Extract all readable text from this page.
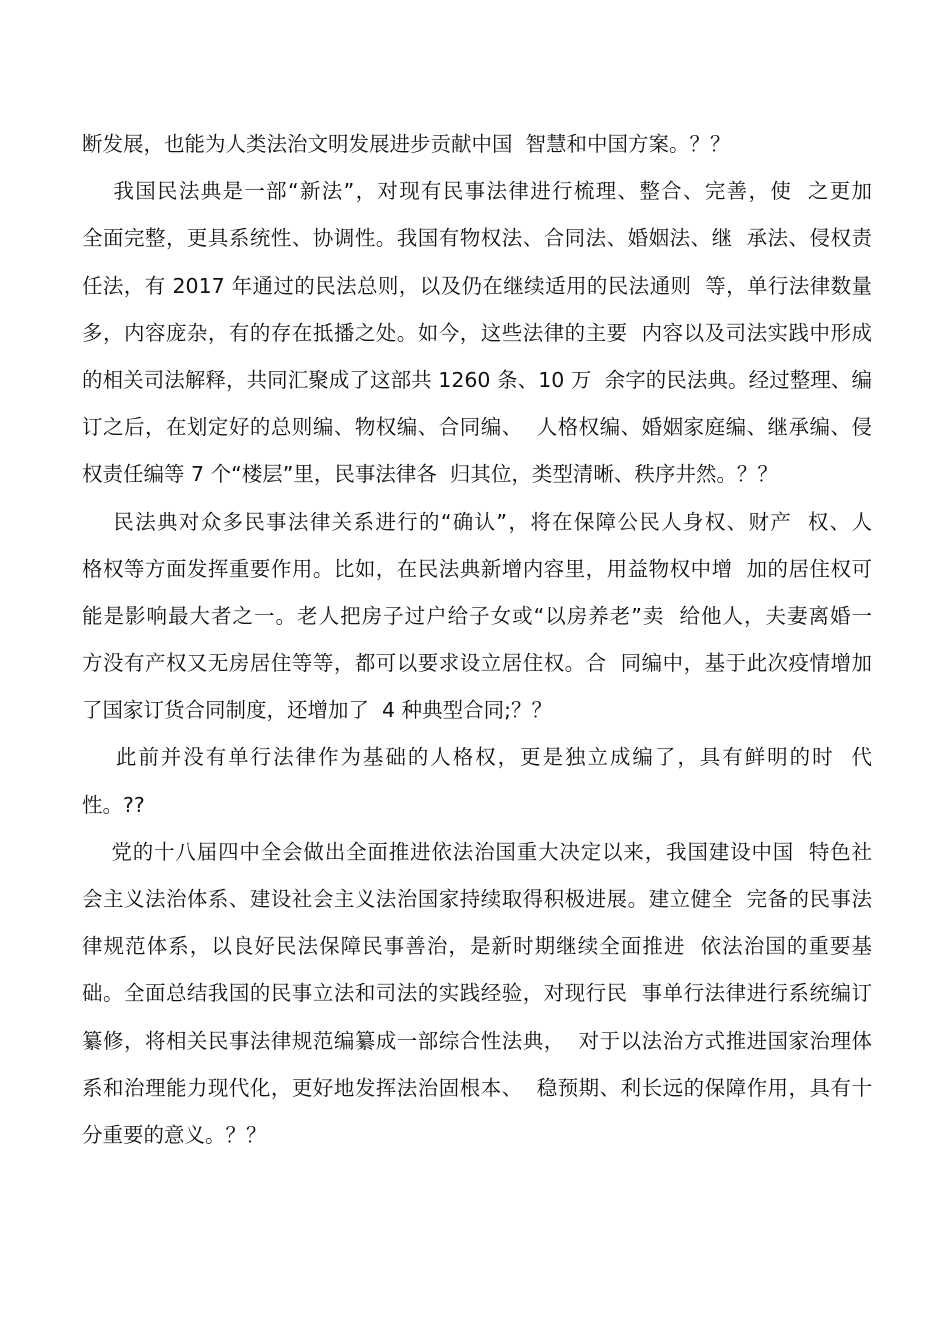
断发展，也能为人类法治文明发展进步贡献中国  智慧和中国方案。？？
我国民法典是一部“新法”，对现有民事法律进行梳理、整合、完善，使  之更加
全面完整，更具系统性、协调性。我国有物权法、合同法、婚姻法、继  承法、侵权责
任法，有 2017 年通过的民法总则，以及仍在继续适用的民法通则  等，单行法律数量
多，内容庞杂，有的存在抵播之处。如今，这些法律的主要  内容以及司法实践中形成
的相关司法解释，共同汇聚成了这部共 1260 条、10 万  余字的民法典。经过整理、编
订之后，在划定好的总则编、物权编、合同编、  人格权编、婚姻家庭编、继承编、侵
权责任编等 7 个“楼层”里，民事法律各  归其位，类型清晰、秩序井然。？？
民法典对众多民事法律关系进行的“确认”，将在保障公民人身权、财产  权、人
格权等方面发挥重要作用。比如，在民法典新增内容里，用益物权中增  加的居住权可
能是影响最大者之一。老人把房子过户给子女或“以房养老”卖  给他人，夫妻离婚一
方没有产权又无房居住等等，都可以要求设立居住权。合  同编中，基于此次疫情增加
了国家订货合同制度，还增加了  4 种典型合同;？？
此前并没有单行法律作为基础的人格权，更是独立成编了，具有鲜明的时  代
性。??
党的十八届四中全会做出全面推进依法治国重大决定以来，我国建设中国  特色社
会主义法治体系、建设社会主义法治国家持续取得积极进展。建立健全  完备的民事法
律规范体系，以良好民法保障民事善治，是新时期继续全面推进  依法治国的重要基
础。全面总结我国的民事立法和司法的实践经验，对现行民  事单行法律进行系统编订
纂修，将相关民事法律规范编纂成一部综合性法典，  对于以法治方式推进国家治理体
系和治理能力现代化，更好地发挥法治固根本、  稳预期、利长远的保障作用，具有十
分重要的意义。？？
